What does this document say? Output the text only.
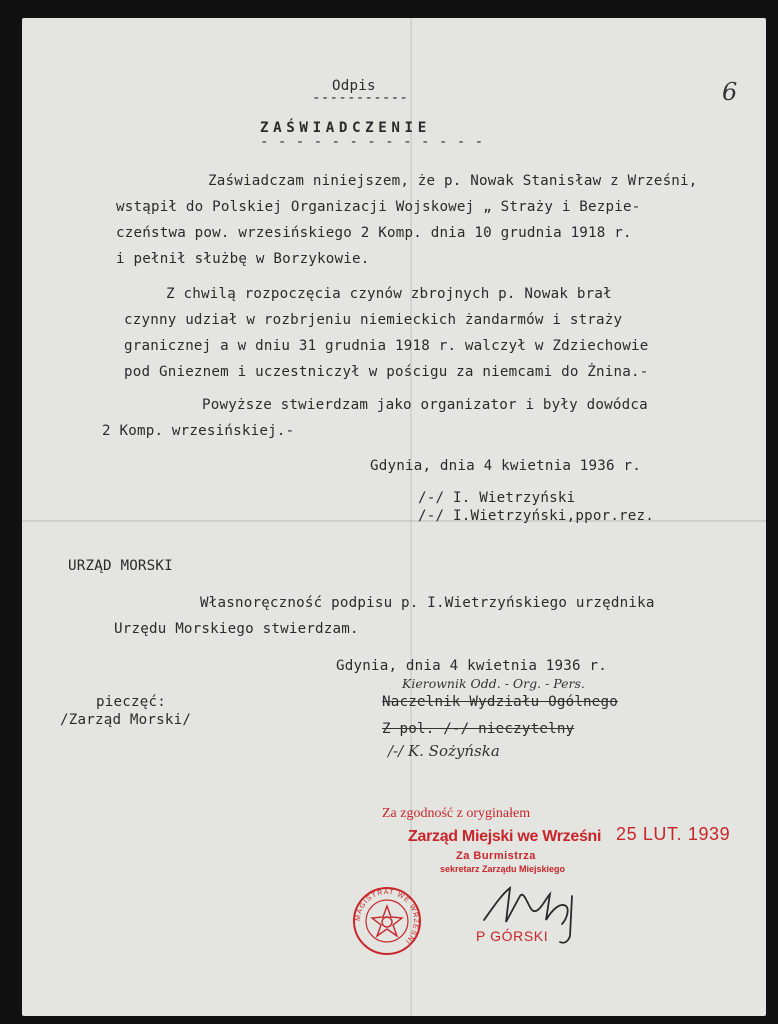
6
Odpis
-----------
ZAŚWIADCZENIE
- - - - - - - - - - - - -
Zaświadczam niniejszem, że p. Nowak Stanisław z Wrześni,
wstąpił do Polskiej Organizacji Wojskowej „ Straży i Bezpie-
czeństwa pow. wrzesińskiego 2 Komp. dnia 10 grudnia 1918 r.
i pełnił służbę w Borzykowie.
Z chwilą rozpoczęcia czynów zbrojnych p. Nowak brał
czynny udział w rozbrjeniu niemieckich żandarmów i straży
granicznej a w dniu 31 grudnia 1918 r. walczył w Zdziechowie
pod Gnieznem i uczestniczył w pościgu za niemcami do Żnina.-
Powyższe stwierdzam jako organizator i były dowódca
2 Komp. wrzesińskiej.-
Gdynia, dnia 4 kwietnia 1936 r.
/-/ I. Wietrzyński
/-/ I.Wietrzyński,ppor.rez.
URZĄD MORSKI
Własnoręczność podpisu p. I.Wietrzyńskiego urzędnika
Urzędu Morskiego stwierdzam.
Gdynia, dnia 4 kwietnia 1936 r.
Kierownik Odd. - Org. - Pers.
Naczelnik Wydziału Ogólnego
Z pol. /-/ nieczytelny
/-/ K. Sożyńska
pieczęć:
/Zarząd Morski/
Za zgodność z oryginałem
Zarząd Miejski we Wrześni 25 LUT. 1939
Za Burmistrza
sekretarz Zarządu Miejskiego
P GÓRSKI
MAGISTRAT WE WRZEŚNI
